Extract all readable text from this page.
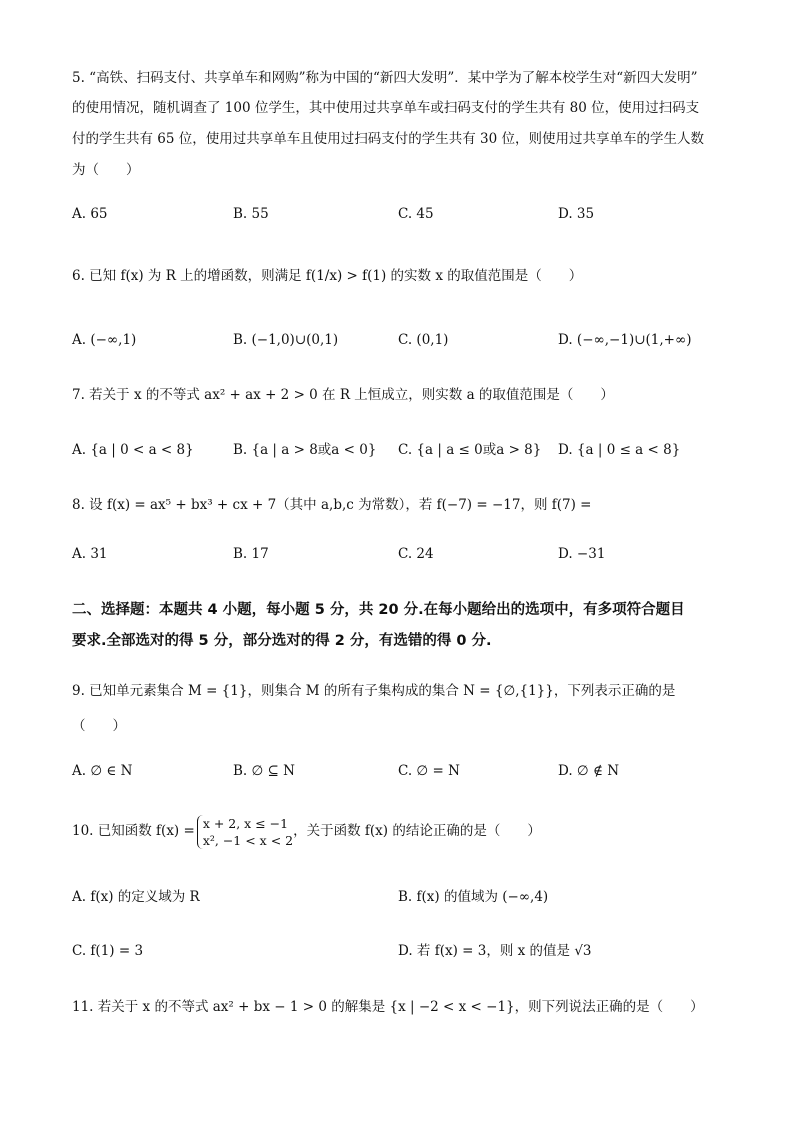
5. “高铁、扫码支付、共享单车和网购”称为中国的“新四大发明”．某中学为了解本校学生对“新四大发明”
的使用情况，随机调查了 100 位学生，其中使用过共享单车或扫码支付的学生共有 80 位，使用过扫码支
付的学生共有 65 位，使用过共享单车且使用过扫码支付的学生共有 30 位，则使用过共享单车的学生人数
为（　　）
A. 65	B. 55	C. 45	D. 35
6. 已知 f(x) 为 R 上的增函数，则满足 f(1/x) > f(1) 的实数 x 的取值范围是（　　）
A. (−∞,1)	B. (−1,0)∪(0,1)	C. (0,1)	D. (−∞,−1)∪(1,+∞)
7. 若关于 x 的不等式 ax² + ax + 2 > 0 在 R 上恒成立，则实数 a 的取值范围是（　　）
A. {a | 0 < a < 8}	B. {a | a > 8或a < 0} C. {a | a ≤ 0或a > 8} D. {a | 0 ≤ a < 8}
8. 设 f(x) = ax⁵ + bx³ + cx + 7（其中 a,b,c 为常数），若 f(−7) = −17，则 f(7) =
A. 31	B. 17	C. 24	D. −31
二、选择题：本题共 4 小题，每小题 5 分，共 20 分.在每小题给出的选项中，有多项符合题目
要求.全部选对的得 5 分，部分选对的得 2 分，有选错的得 0 分.
9. 已知单元素集合 M = {1}，则集合 M 的所有子集构成的集合 N = {∅,{1}}，下列表示正确的是
（　　）
A. ∅ ∈ N	B. ∅ ⊆ N	C. ∅ = N	D. ∅ ∉ N
10. 已知函数 f(x) = x + 2, x ≤ −1
x², −1 < x < 2，关于函数 f(x) 的结论正确的是（　　）
A. f(x) 的定义域为 R	B. f(x) 的值域为 (−∞,4)
C. f(1) = 3	D. 若 f(x) = 3，则 x 的值是 √3
11. 若关于 x 的不等式 ax² + bx − 1 > 0 的解集是 {x | −2 < x < −1}，则下列说法正确的是（　　）
